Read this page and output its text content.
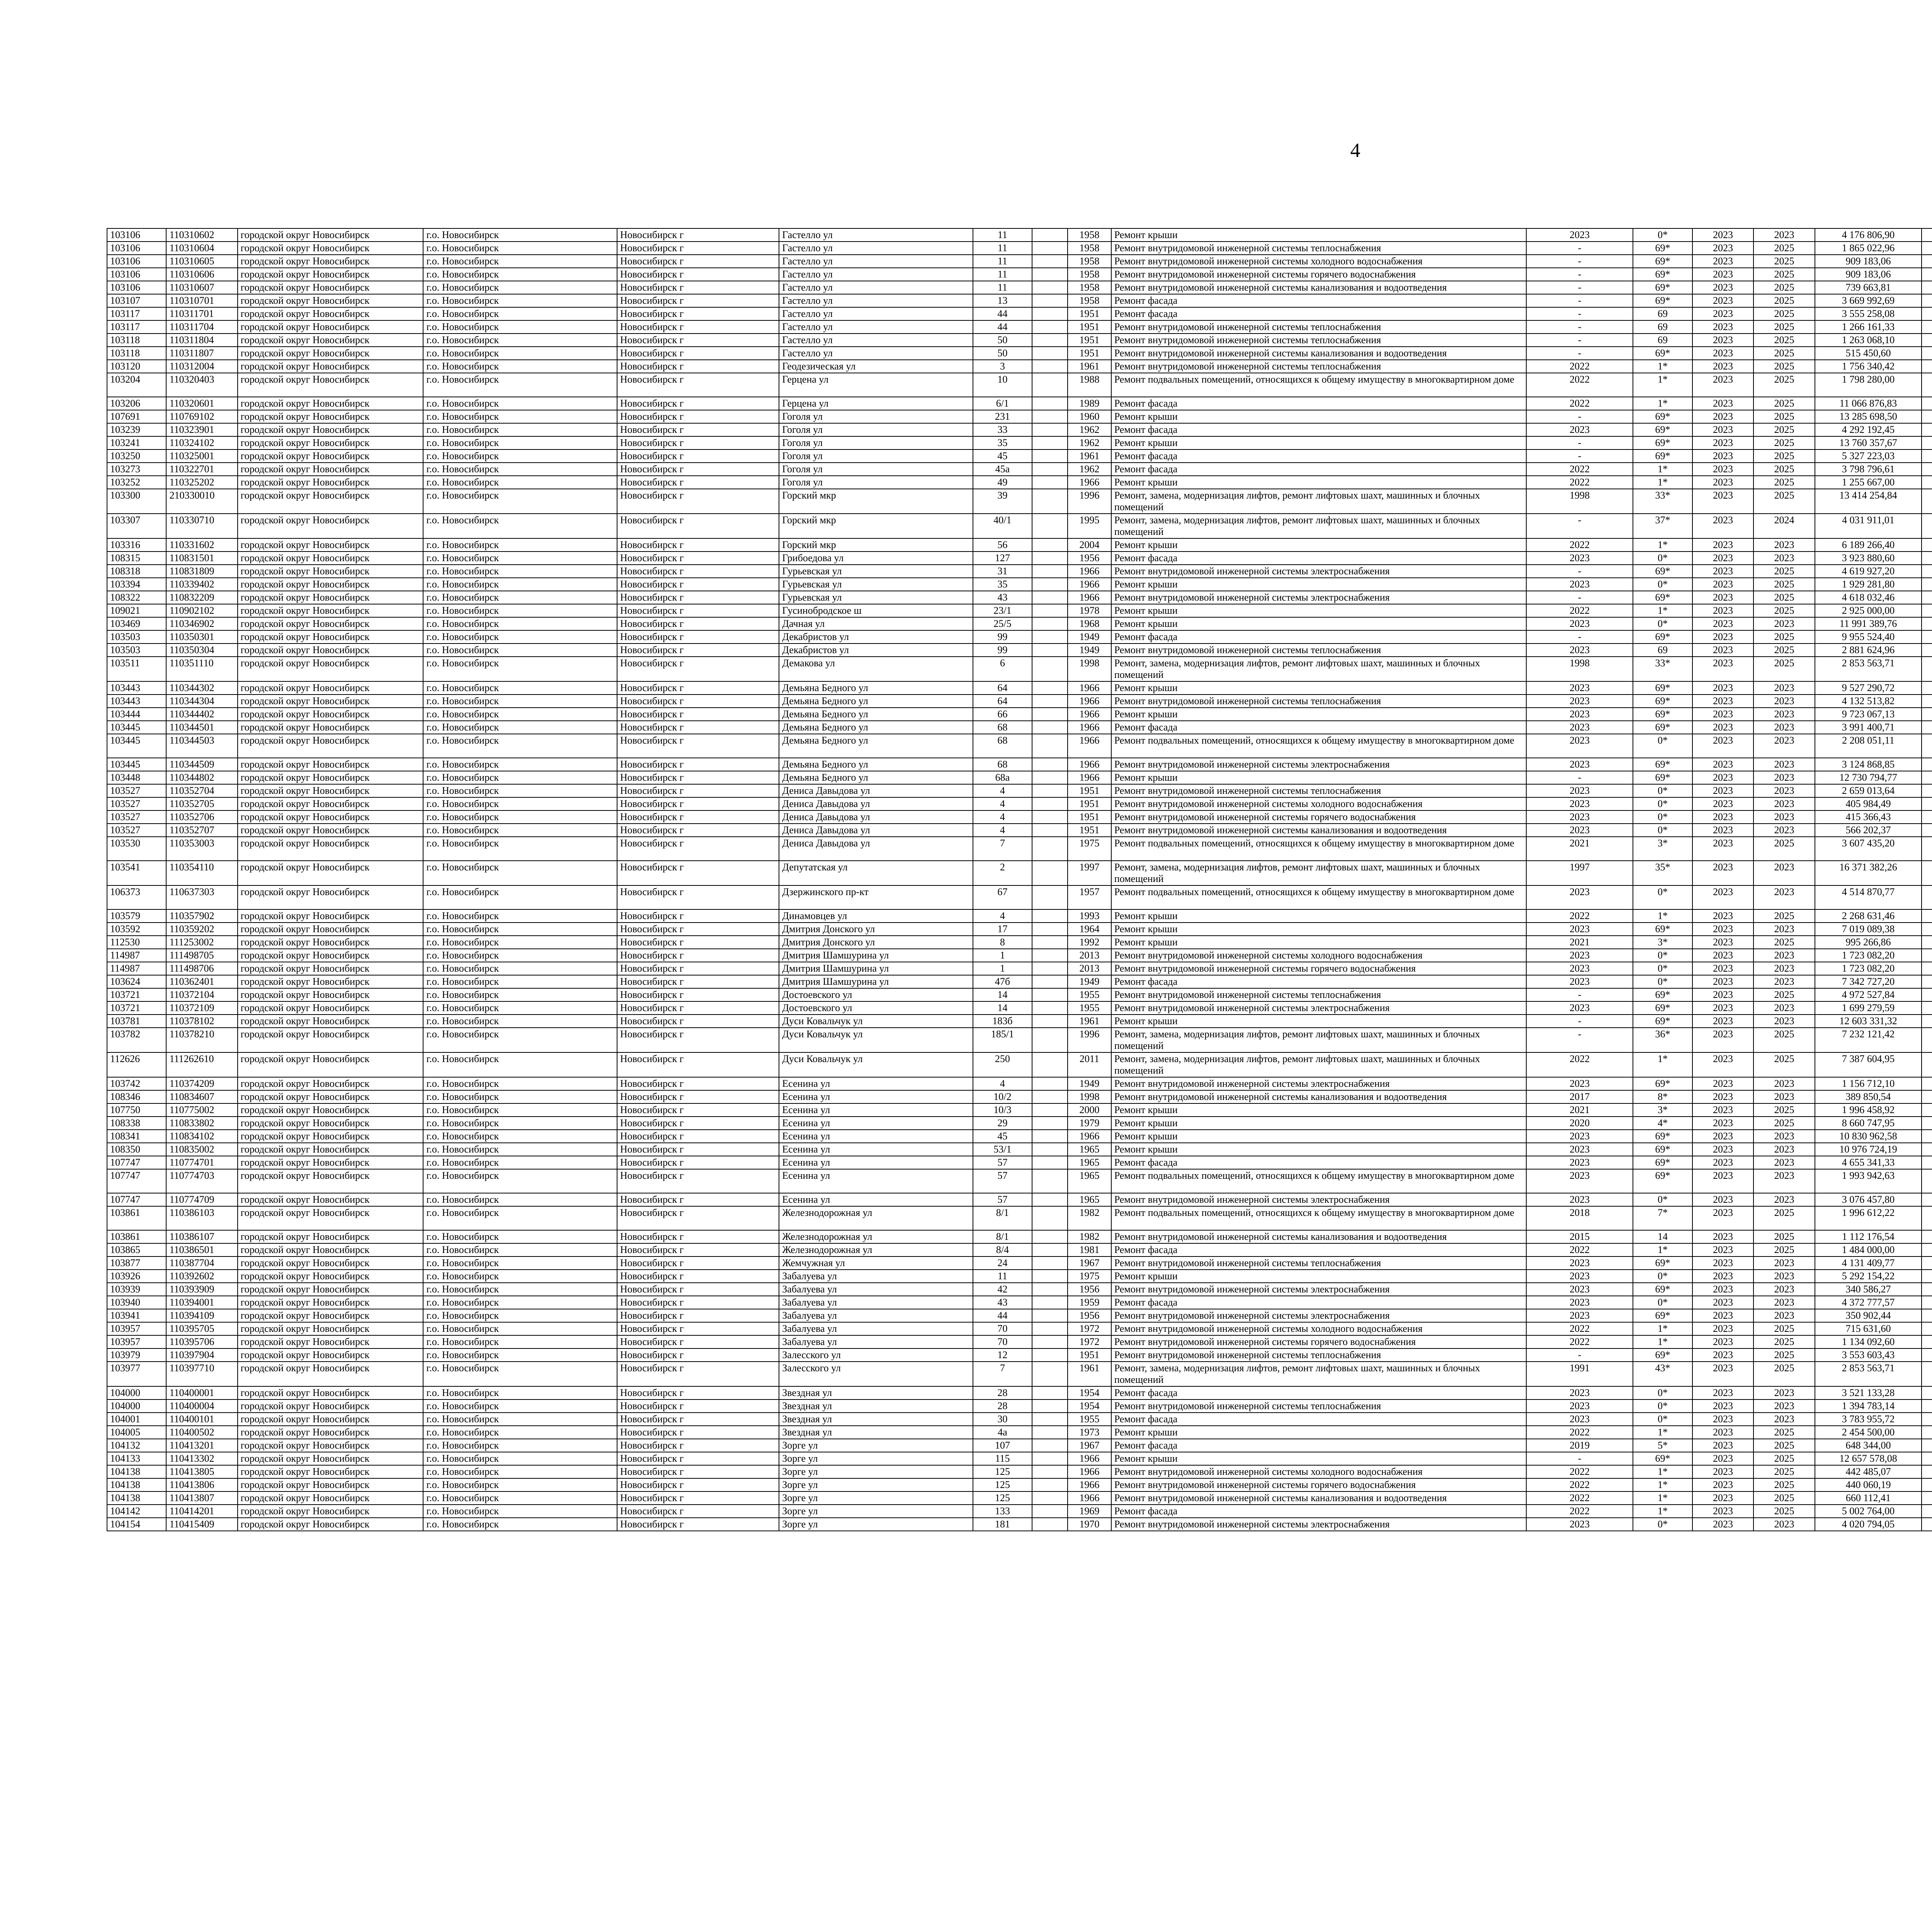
4
103106	110310602	городской округ Новосибирск	г.о. Новосибирск	Новосибирск г	Гастелло ул	11		1958	Ремонт крыши	2023	0*	2023	2023	4 176 806,90							
103106	110310604	городской округ Новосибирск	г.о. Новосибирск	Новосибирск г	Гастелло ул	11		1958	Ремонт внутридомовой инженерной системы теплоснабжения	-	69*	2023	2025	1 865 022,96							
103106	110310605	городской округ Новосибирск	г.о. Новосибирск	Новосибирск г	Гастелло ул	11		1958	Ремонт внутридомовой инженерной системы холодного водоснабжения	-	69*	2023	2025	909 183,06							
103106	110310606	городской округ Новосибирск	г.о. Новосибирск	Новосибирск г	Гастелло ул	11		1958	Ремонт внутридомовой инженерной системы горячего водоснабжения	-	69*	2023	2025	909 183,06							
103106	110310607	городской округ Новосибирск	г.о. Новосибирск	Новосибирск г	Гастелло ул	11		1958	Ремонт внутридомовой инженерной системы канализования и водоотведения	-	69*	2023	2025	739 663,81							
103107	110310701	городской округ Новосибирск	г.о. Новосибирск	Новосибирск г	Гастелло ул	13		1958	Ремонт фасада	-	69*	2023	2025	3 669 992,69							
103117	110311701	городской округ Новосибирск	г.о. Новосибирск	Новосибирск г	Гастелло ул	44		1951	Ремонт фасада	-	69	2023	2025	3 555 258,08							
103117	110311704	городской округ Новосибирск	г.о. Новосибирск	Новосибирск г	Гастелло ул	44		1951	Ремонт внутридомовой инженерной системы теплоснабжения	-	69	2023	2025	1 266 161,33							
103118	110311804	городской округ Новосибирск	г.о. Новосибирск	Новосибирск г	Гастелло ул	50		1951	Ремонт внутридомовой инженерной системы теплоснабжения	-	69	2023	2025	1 263 068,10							
103118	110311807	городской округ Новосибирск	г.о. Новосибирск	Новосибирск г	Гастелло ул	50		1951	Ремонт внутридомовой инженерной системы канализования и водоотведения	-	69*	2023	2025	515 450,60							
103120	110312004	городской округ Новосибирск	г.о. Новосибирск	Новосибирск г	Геодезическая ул	3		1961	Ремонт внутридомовой инженерной системы теплоснабжения	2022	1*	2023	2025	1 756 340,42							
103204	110320403	городской округ Новосибирск	г.о. Новосибирск	Новосибирск г	Герцена ул	10		1988	Ремонт подвальных помещений, относящихся к общему имуществу в многоквартирном доме	2022	1*	2023	2025	1 798 280,00							
103206	110320601	городской округ Новосибирск	г.о. Новосибирск	Новосибирск г	Герцена ул	6/1		1989	Ремонт фасада	2022	1*	2023	2025	11 066 876,83							
107691	110769102	городской округ Новосибирск	г.о. Новосибирск	Новосибирск г	Гоголя ул	231		1960	Ремонт крыши	-	69*	2023	2025	13 285 698,50							
103239	110323901	городской округ Новосибирск	г.о. Новосибирск	Новосибирск г	Гоголя ул	33		1962	Ремонт фасада	2023	69*	2023	2025	4 292 192,45							
103241	110324102	городской округ Новосибирск	г.о. Новосибирск	Новосибирск г	Гоголя ул	35		1962	Ремонт крыши	-	69*	2023	2025	13 760 357,67							
103250	110325001	городской округ Новосибирск	г.о. Новосибирск	Новосибирск г	Гоголя ул	45		1961	Ремонт фасада	-	69*	2023	2025	5 327 223,03							
103273	110322701	городской округ Новосибирск	г.о. Новосибирск	Новосибирск г	Гоголя ул	45а		1962	Ремонт фасада	2022	1*	2023	2025	3 798 796,61							
103252	110325202	городской округ Новосибирск	г.о. Новосибирск	Новосибирск г	Гоголя ул	49		1966	Ремонт крыши	2022	1*	2023	2025	1 255 667,00							
103300	210330010	городской округ Новосибирск	г.о. Новосибирск	Новосибирск г	Горский мкр	39		1996	Ремонт, замена, модернизация лифтов, ремонт лифтовых шахт, машинных и блочных помещений	1998	33*	2023	2025	13 414 254,84							
103307	110330710	городской округ Новосибирск	г.о. Новосибирск	Новосибирск г	Горский мкр	40/1		1995	Ремонт, замена, модернизация лифтов, ремонт лифтовых шахт, машинных и блочных помещений	-	37*	2023	2024	4 031 911,01							
103316	110331602	городской округ Новосибирск	г.о. Новосибирск	Новосибирск г	Горский мкр	56		2004	Ремонт крыши	2022	1*	2023	2023	6 189 266,40							
108315	110831501	городской округ Новосибирск	г.о. Новосибирск	Новосибирск г	Грибоедова ул	127		1956	Ремонт фасада	2023	0*	2023	2023	3 923 880,60							
108318	110831809	городской округ Новосибирск	г.о. Новосибирск	Новосибирск г	Гурьевская ул	31		1966	Ремонт внутридомовой инженерной системы электроснабжения	-	69*	2023	2025	4 619 927,20							
103394	110339402	городской округ Новосибирск	г.о. Новосибирск	Новосибирск г	Гурьевская ул	35		1966	Ремонт крыши	2023	0*	2023	2025	1 929 281,80							
108322	110832209	городской округ Новосибирск	г.о. Новосибирск	Новосибирск г	Гурьевская ул	43		1966	Ремонт внутридомовой инженерной системы электроснабжения	-	69*	2023	2025	4 618 032,46							
109021	110902102	городской округ Новосибирск	г.о. Новосибирск	Новосибирск г	Гусинобродское ш	23/1		1978	Ремонт крыши	2022	1*	2023	2025	2 925 000,00							
103469	110346902	городской округ Новосибирск	г.о. Новосибирск	Новосибирск г	Дачная ул	25/5		1968	Ремонт крыши	2023	0*	2023	2023	11 991 389,76							
103503	110350301	городской округ Новосибирск	г.о. Новосибирск	Новосибирск г	Декабристов ул	99		1949	Ремонт фасада	-	69*	2023	2025	9 955 524,40							
103503	110350304	городской округ Новосибирск	г.о. Новосибирск	Новосибирск г	Декабристов ул	99		1949	Ремонт внутридомовой инженерной системы теплоснабжения	2023	69	2023	2025	2 881 624,96							
103511	110351110	городской округ Новосибирск	г.о. Новосибирск	Новосибирск г	Демакова ул	6		1998	Ремонт, замена, модернизация лифтов, ремонт лифтовых шахт, машинных и блочных помещений	1998	33*	2023	2025	2 853 563,71							
103443	110344302	городской округ Новосибирск	г.о. Новосибирск	Новосибирск г	Демьяна Бедного ул	64		1966	Ремонт крыши	2023	69*	2023	2023	9 527 290,72							
103443	110344304	городской округ Новосибирск	г.о. Новосибирск	Новосибирск г	Демьяна Бедного ул	64		1966	Ремонт внутридомовой инженерной системы теплоснабжения	2023	69*	2023	2023	4 132 513,82							
103444	110344402	городской округ Новосибирск	г.о. Новосибирск	Новосибирск г	Демьяна Бедного ул	66		1966	Ремонт крыши	2023	69*	2023	2023	9 723 067,13							
103445	110344501	городской округ Новосибирск	г.о. Новосибирск	Новосибирск г	Демьяна Бедного ул	68		1966	Ремонт фасада	2023	69*	2023	2023	3 991 400,71							
103445	110344503	городской округ Новосибирск	г.о. Новосибирск	Новосибирск г	Демьяна Бедного ул	68		1966	Ремонт подвальных помещений, относящихся к общему имуществу в многоквартирном доме	2023	0*	2023	2023	2 208 051,11							
103445	110344509	городской округ Новосибирск	г.о. Новосибирск	Новосибирск г	Демьяна Бедного ул	68		1966	Ремонт внутридомовой инженерной системы электроснабжения	2023	69*	2023	2023	3 124 868,85							
103448	110344802	городской округ Новосибирск	г.о. Новосибирск	Новосибирск г	Демьяна Бедного ул	68а		1966	Ремонт крыши	-	69*	2023	2023	12 730 794,77							
103527	110352704	городской округ Новосибирск	г.о. Новосибирск	Новосибирск г	Дениса Давыдова ул	4		1951	Ремонт внутридомовой инженерной системы теплоснабжения	2023	0*	2023	2023	2 659 013,64							
103527	110352705	городской округ Новосибирск	г.о. Новосибирск	Новосибирск г	Дениса Давыдова ул	4		1951	Ремонт внутридомовой инженерной системы холодного водоснабжения	2023	0*	2023	2023	405 984,49							
103527	110352706	городской округ Новосибирск	г.о. Новосибирск	Новосибирск г	Дениса Давыдова ул	4		1951	Ремонт внутридомовой инженерной системы горячего водоснабжения	2023	0*	2023	2023	415 366,43							
103527	110352707	городской округ Новосибирск	г.о. Новосибирск	Новосибирск г	Дениса Давыдова ул	4		1951	Ремонт внутридомовой инженерной системы канализования и водоотведения	2023	0*	2023	2023	566 202,37							
103530	110353003	городской округ Новосибирск	г.о. Новосибирск	Новосибирск г	Дениса Давыдова ул	7		1975	Ремонт подвальных помещений, относящихся к общему имуществу в многоквартирном доме	2021	3*	2023	2025	3 607 435,20							
103541	110354110	городской округ Новосибирск	г.о. Новосибирск	Новосибирск г	Депутатская ул	2		1997	Ремонт, замена, модернизация лифтов, ремонт лифтовых шахт, машинных и блочных помещений	1997	35*	2023	2023	16 371 382,26							
106373	110637303	городской округ Новосибирск	г.о. Новосибирск	Новосибирск г	Дзержинского пр-кт	67		1957	Ремонт подвальных помещений, относящихся к общему имуществу в многоквартирном доме	2023	0*	2023	2023	4 514 870,77							
103579	110357902	городской округ Новосибирск	г.о. Новосибирск	Новосибирск г	Динамовцев ул	4		1993	Ремонт крыши	2022	1*	2023	2025	2 268 631,46							
103592	110359202	городской округ Новосибирск	г.о. Новосибирск	Новосибирск г	Дмитрия Донского ул	17		1964	Ремонт крыши	2023	69*	2023	2023	7 019 089,38							
112530	111253002	городской округ Новосибирск	г.о. Новосибирск	Новосибирск г	Дмитрия Донского ул	8		1992	Ремонт крыши	2021	3*	2023	2025	995 266,86							
114987	111498705	городской округ Новосибирск	г.о. Новосибирск	Новосибирск г	Дмитрия Шамшурина ул	1		2013	Ремонт внутридомовой инженерной системы холодного водоснабжения	2023	0*	2023	2023	1 723 082,20							
114987	111498706	городской округ Новосибирск	г.о. Новосибирск	Новосибирск г	Дмитрия Шамшурина ул	1		2013	Ремонт внутридомовой инженерной системы горячего водоснабжения	2023	0*	2023	2023	1 723 082,20							
103624	110362401	городской округ Новосибирск	г.о. Новосибирск	Новосибирск г	Дмитрия Шамшурина ул	47б		1949	Ремонт фасада	2023	0*	2023	2023	7 342 727,20							
103721	110372104	городской округ Новосибирск	г.о. Новосибирск	Новосибирск г	Достоевского ул	14		1955	Ремонт внутридомовой инженерной системы теплоснабжения	-	69*	2023	2025	4 972 527,84							
103721	110372109	городской округ Новосибирск	г.о. Новосибирск	Новосибирск г	Достоевского ул	14		1955	Ремонт внутридомовой инженерной системы электроснабжения	2023	69*	2023	2023	1 699 279,59							
103781	110378102	городской округ Новосибирск	г.о. Новосибирск	Новосибирск г	Дуси Ковальчук ул	183б		1961	Ремонт крыши	-	69*	2023	2023	12 603 331,32							
103782	110378210	городской округ Новосибирск	г.о. Новосибирск	Новосибирск г	Дуси Ковальчук ул	185/1		1996	Ремонт, замена, модернизация лифтов, ремонт лифтовых шахт, машинных и блочных помещений	-	36*	2023	2025	7 232 121,42							
112626	111262610	городской округ Новосибирск	г.о. Новосибирск	Новосибирск г	Дуси Ковальчук ул	250		2011	Ремонт, замена, модернизация лифтов, ремонт лифтовых шахт, машинных и блочных помещений	2022	1*	2023	2025	7 387 604,95							
103742	110374209	городской округ Новосибирск	г.о. Новосибирск	Новосибирск г	Есенина ул	4		1949	Ремонт внутридомовой инженерной системы электроснабжения	2023	69*	2023	2023	1 156 712,10							
108346	110834607	городской округ Новосибирск	г.о. Новосибирск	Новосибирск г	Есенина ул	10/2		1998	Ремонт внутридомовой инженерной системы канализования и водоотведения	2017	8*	2023	2023	389 850,54							
107750	110775002	городской округ Новосибирск	г.о. Новосибирск	Новосибирск г	Есенина ул	10/3		2000	Ремонт крыши	2021	3*	2023	2025	1 996 458,92							
108338	110833802	городской округ Новосибирск	г.о. Новосибирск	Новосибирск г	Есенина ул	29		1979	Ремонт крыши	2020	4*	2023	2025	8 660 747,95							
108341	110834102	городской округ Новосибирск	г.о. Новосибирск	Новосибирск г	Есенина ул	45		1966	Ремонт крыши	2023	69*	2023	2023	10 830 962,58							
108350	110835002	городской округ Новосибирск	г.о. Новосибирск	Новосибирск г	Есенина ул	53/1		1965	Ремонт крыши	2023	69*	2023	2023	10 976 724,19							
107747	110774701	городской округ Новосибирск	г.о. Новосибирск	Новосибирск г	Есенина ул	57		1965	Ремонт фасада	2023	69*	2023	2023	4 655 341,33							
107747	110774703	городской округ Новосибирск	г.о. Новосибирск	Новосибирск г	Есенина ул	57		1965	Ремонт подвальных помещений, относящихся к общему имуществу в многоквартирном доме	2023	69*	2023	2023	1 993 942,63							
107747	110774709	городской округ Новосибирск	г.о. Новосибирск	Новосибирск г	Есенина ул	57		1965	Ремонт внутридомовой инженерной системы электроснабжения	2023	0*	2023	2023	3 076 457,80							
103861	110386103	городской округ Новосибирск	г.о. Новосибирск	Новосибирск г	Железнодорожная ул	8/1		1982	Ремонт подвальных помещений, относящихся к общему имуществу в многоквартирном доме	2018	7*	2023	2025	1 996 612,22							
103861	110386107	городской округ Новосибирск	г.о. Новосибирск	Новосибирск г	Железнодорожная ул	8/1		1982	Ремонт внутридомовой инженерной системы канализования и водоотведения	2015	14	2023	2025	1 112 176,54							
103865	110386501	городской округ Новосибирск	г.о. Новосибирск	Новосибирск г	Железнодорожная ул	8/4		1981	Ремонт фасада	2022	1*	2023	2025	1 484 000,00							
103877	110387704	городской округ Новосибирск	г.о. Новосибирск	Новосибирск г	Жемчужная ул	24		1967	Ремонт внутридомовой инженерной системы теплоснабжения	2023	69*	2023	2023	4 131 409,77							
103926	110392602	городской округ Новосибирск	г.о. Новосибирск	Новосибирск г	Забалуева ул	11		1975	Ремонт крыши	2023	0*	2023	2023	5 292 154,22							
103939	110393909	городской округ Новосибирск	г.о. Новосибирск	Новосибирск г	Забалуева ул	42		1956	Ремонт внутридомовой инженерной системы электроснабжения	2023	69*	2023	2023	340 586,27							
103940	110394001	городской округ Новосибирск	г.о. Новосибирск	Новосибирск г	Забалуева ул	43		1959	Ремонт фасада	2023	0*	2023	2023	4 372 777,57							
103941	110394109	городской округ Новосибирск	г.о. Новосибирск	Новосибирск г	Забалуева ул	44		1956	Ремонт внутридомовой инженерной системы электроснабжения	2023	69*	2023	2023	350 902,44							
103957	110395705	городской округ Новосибирск	г.о. Новосибирск	Новосибирск г	Забалуева ул	70		1972	Ремонт внутридомовой инженерной системы холодного водоснабжения	2022	1*	2023	2025	715 631,60							
103957	110395706	городской округ Новосибирск	г.о. Новосибирск	Новосибирск г	Забалуева ул	70		1972	Ремонт внутридомовой инженерной системы горячего водоснабжения	2022	1*	2023	2025	1 134 092,60							
103979	110397904	городской округ Новосибирск	г.о. Новосибирск	Новосибирск г	Залесского ул	12		1951	Ремонт внутридомовой инженерной системы теплоснабжения	-	69*	2023	2025	3 553 603,43							
103977	110397710	городской округ Новосибирск	г.о. Новосибирск	Новосибирск г	Залесского ул	7		1961	Ремонт, замена, модернизация лифтов, ремонт лифтовых шахт, машинных и блочных помещений	1991	43*	2023	2025	2 853 563,71							
104000	110400001	городской округ Новосибирск	г.о. Новосибирск	Новосибирск г	Звездная ул	28		1954	Ремонт фасада	2023	0*	2023	2023	3 521 133,28							
104000	110400004	городской округ Новосибирск	г.о. Новосибирск	Новосибирск г	Звездная ул	28		1954	Ремонт внутридомовой инженерной системы теплоснабжения	2023	0*	2023	2023	1 394 783,14							
104001	110400101	городской округ Новосибирск	г.о. Новосибирск	Новосибирск г	Звездная ул	30		1955	Ремонт фасада	2023	0*	2023	2023	3 783 955,72							
104005	110400502	городской округ Новосибирск	г.о. Новосибирск	Новосибирск г	Звездная ул	4а		1973	Ремонт крыши	2022	1*	2023	2025	2 454 500,00							
104132	110413201	городской округ Новосибирск	г.о. Новосибирск	Новосибирск г	Зорге ул	107		1967	Ремонт фасада	2019	5*	2023	2025	648 344,00							
104133	110413302	городской округ Новосибирск	г.о. Новосибирск	Новосибирск г	Зорге ул	115		1966	Ремонт крыши	-	69*	2023	2025	12 657 578,08							
104138	110413805	городской округ Новосибирск	г.о. Новосибирск	Новосибирск г	Зорге ул	125		1966	Ремонт внутридомовой инженерной системы холодного водоснабжения	2022	1*	2023	2025	442 485,07							
104138	110413806	городской округ Новосибирск	г.о. Новосибирск	Новосибирск г	Зорге ул	125		1966	Ремонт внутридомовой инженерной системы горячего водоснабжения	2022	1*	2023	2025	440 060,19							
104138	110413807	городской округ Новосибирск	г.о. Новосибирск	Новосибирск г	Зорге ул	125		1966	Ремонт внутридомовой инженерной системы канализования и водоотведения	2022	1*	2023	2025	660 112,41							
104142	110414201	городской округ Новосибирск	г.о. Новосибирск	Новосибирск г	Зорге ул	133		1969	Ремонт фасада	2022	1*	2023	2025	5 002 764,00							
104154	110415409	городской округ Новосибирск	г.о. Новосибирск	Новосибирск г	Зорге ул	181		1970	Ремонт внутридомовой инженерной системы электроснабжения	2023	0*	2023	2023	4 020 794,05							
